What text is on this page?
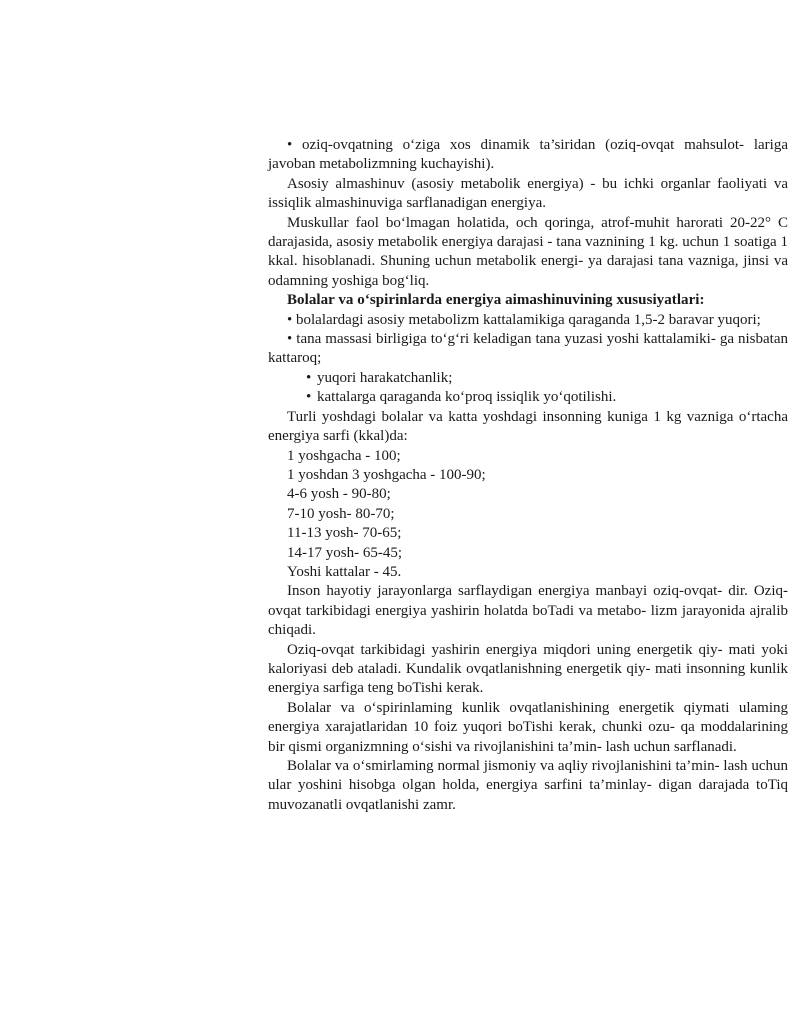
• oziq-ovqatning o‘ziga xos dinamik ta’siridan (oziq-ovqat mahsulot- lariga javoban metabolizmning kuchayishi).

Asosiy almashinuv (asosiy metabolik energiya) - bu ichki organlar faoliyati va issiqlik almashinuviga sarflanadigan energiya.

Muskullar faol bo‘lmagan holatida, och qoringa, atrof-muhit harorati 20-22° C darajasida, asosiy metabolik energiya darajasi - tana vaznining 1 kg. uchun 1 soatiga 1 kkal. hisoblanadi. Shuning uchun metabolik energi- ya darajasi tana vazniga, jinsi va odamning yoshiga bog‘liq.

Bolalar va o‘spirinlarda energiya aimashinuvining xususiyatlari:

• bolalardagi asosiy metabolizm kattalamikiga qaraganda 1,5-2 baravar yuqori;

• tana massasi birligiga to‘g‘ri keladigan tana yuzasi yoshi kattalamiki- ga nisbatan kattaroq;

• yuqori harakatchanlik;

• kattalarga qaraganda ko‘proq issiqlik yo‘qotilishi.

Turli yoshdagi bolalar va katta yoshdagi insonning kuniga 1 kg vazniga o‘rtacha energiya sarfi (kkal)da:

1 yoshgacha - 100;

1 yoshdan 3 yoshgacha - 100-90;

4-6 yosh - 90-80;

7-10 yosh- 80-70;

11-13 yosh- 70-65;

14-17 yosh- 65-45;

Yoshi kattalar - 45.

Inson hayotiy jarayonlarga sarflaydigan energiya manbayi oziq-ovqat- dir. Oziq-ovqat tarkibidagi energiya yashirin holatda boTadi va metabo- lizm jarayonida ajralib chiqadi.

Oziq-ovqat tarkibidagi yashirin energiya miqdori uning energetik qiy- mati yoki kaloriyasi deb ataladi. Kundalik ovqatlanishning energetik qiy- mati insonning kunlik energiya sarfiga teng boTishi kerak.

Bolalar va o‘spirinlaming kunlik ovqatlanishining energetik qiymati ulaming energiya xarajatlaridan 10 foiz yuqori boTishi kerak, chunki ozu- qa moddalarining bir qismi organizmning o‘sishi va rivojlanishini ta’min- lash uchun sarflanadi.

Bolalar va o‘smirlaming normal jismoniy va aqliy rivojlanishini ta’min- lash uchun ular yoshini hisobga olgan holda, energiya sarfini ta’minlay- digan darajada toTiq muvozanatli ovqatlanishi zamr.
